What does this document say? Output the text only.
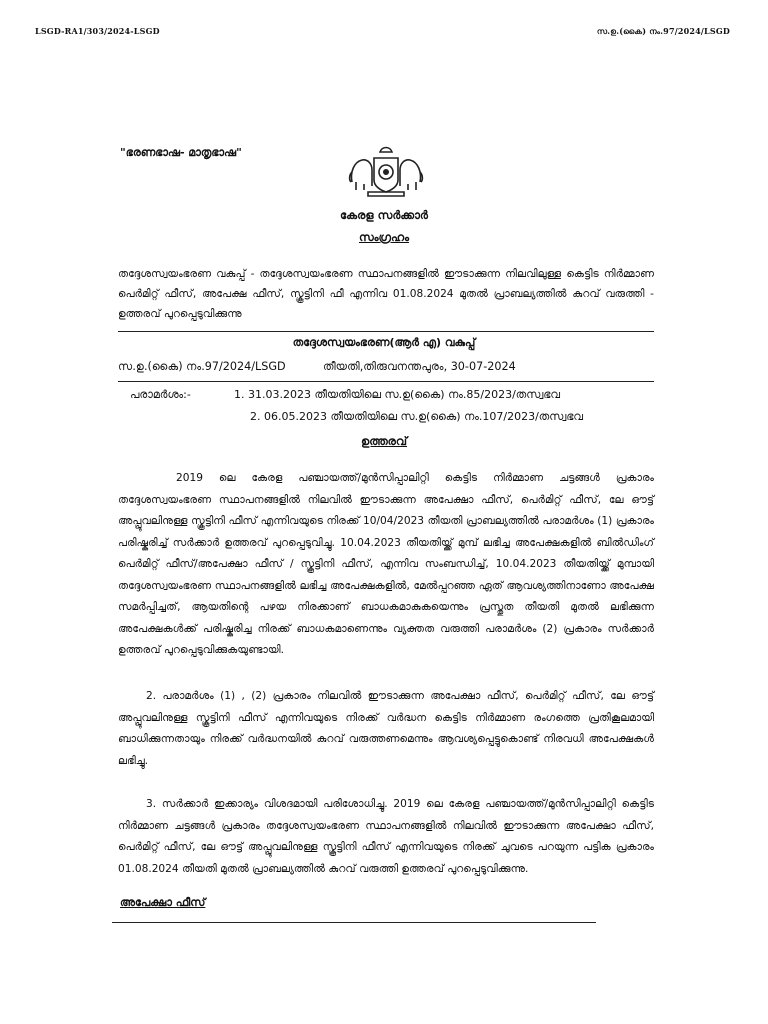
LSGD-RA1/303/2024-LSGD	സ.ഉ.(കൈ) നം.97/2024/LSGD
"ഭരണഭാഷ- മാതൃഭാഷ"
കേരള സർക്കാർ
സംഗ്രഹം
തദ്ദേശസ്വയംഭരണ വകുപ്പ് - തദ്ദേശസ്വയംഭരണ സ്ഥാപനങ്ങളിൽ ഈടാക്കുന്ന നിലവിലുള്ള കെട്ടിട നിർമ്മാണ പെർമിറ്റ് ഫീസ്, അപേക്ഷ ഫീസ്, സ്കൂട്ടിനി ഫീ എന്നിവ 01.08.2024 മുതൽ പ്രാബല്യത്തിൽ കുറവ് വരുത്തി - ഉത്തരവ് പുറപ്പെടുവിക്കുന്നു
തദ്ദേശസ്വയംഭരണ(ആർ എ) വകുപ്പ്
സ.ഉ.(കൈ) നം.97/2024/LSGD	തീയതി,തിരുവനന്തപുരം, 30-07-2024
പരാമർശം:-	1. 31.03.2023 തീയതിയിലെ സ.ഉ(കൈ) നം.85/2023/തസ്വഭവ
2. 06.05.2023 തീയതിയിലെ സ.ഉ(കൈ) നം.107/2023/തസ്വഭവ
ഉത്തരവ്
2019 ലെ കേരള പഞ്ചായത്ത്/മുൻസിപ്പാലിറ്റി കെട്ടിട നിർമ്മാണ ചട്ടങ്ങൾ പ്രകാരം തദ്ദേശസ്വയംഭരണ സ്ഥാപനങ്ങളിൽ നിലവിൽ ഈടാക്കുന്ന അപേക്ഷാ ഫീസ്, പെർമിറ്റ് ഫീസ്, ലേ ഔട്ട് അപ്പ്രൂവലിനുള്ള സ്കൂട്ടിനി ഫീസ് എന്നിവയുടെ നിരക്ക് 10/04/2023 തീയതി പ്രാബല്യത്തിൽ പരാമർശം (1) പ്രകാരം പരിഷ്കരിച്ച് സർക്കാർ ഉത്തരവ് പുറപ്പെടുവിച്ചു. 10.04.2023 തീയതിയ്ക്ക് മുമ്പ് ലഭിച്ച അപേക്ഷകളിൽ ബിൽഡിംഗ് പെർമിറ്റ് ഫീസ്/അപേക്ഷാ ഫീസ് / സ്കൂട്ടിനി ഫീസ്, എന്നിവ സംബന്ധിച്ച്, 10.04.2023 തീയതിയ്ക്ക് മുമ്പായി തദ്ദേശസ്വയംഭരണ സ്ഥാപനങ്ങളിൽ ലഭിച്ച അപേക്ഷകളിൽ, മേൽപ്പറഞ്ഞ ഏത് ആവശ്യത്തിനാണോ അപേക്ഷ സമർപ്പിച്ചത്, ആയതിന്റെ പഴയ നിരക്കാണ് ബാധകമാകുകയെന്നും പ്രസ്തുത തീയതി മുതൽ ലഭിക്കുന്ന അപേക്ഷകൾക്ക് പരിഷ്കരിച്ച നിരക്ക് ബാധകമാണെന്നും വ്യക്തത വരുത്തി പരാമർശം (2) പ്രകാരം സർക്കാർ ഉത്തരവ് പുറപ്പെടുവിക്കുകയുണ്ടായി.
2. പരാമർശം (1) , (2) പ്രകാരം നിലവിൽ ഈടാക്കുന്ന അപേക്ഷാ ഫീസ്, പെർമിറ്റ് ഫീസ്, ലേ ഔട്ട് അപ്പ്രൂവലിനുള്ള സ്കൂട്ടിനി ഫീസ് എന്നിവയുടെ നിരക്ക് വർദ്ധന കെട്ടിട നിർമ്മാണ രംഗത്തെ പ്രതികൂലമായി ബാധിക്കുന്നതായും നിരക്ക് വർദ്ധനയിൽ കുറവ് വരുത്തണമെന്നും ആവശ്യപ്പെട്ടുകൊണ്ട് നിരവധി അപേക്ഷകൾ ലഭിച്ചു.
3. സർക്കാർ ഇക്കാര്യം വിശദമായി പരിശോധിച്ചു. 2019 ലെ കേരള പഞ്ചായത്ത്/മുൻസിപ്പാലിറ്റി കെട്ടിട നിർമ്മാണ ചട്ടങ്ങൾ പ്രകാരം തദ്ദേശസ്വയംഭരണ സ്ഥാപനങ്ങളിൽ നിലവിൽ ഈടാക്കുന്ന അപേക്ഷാ ഫീസ്, പെർമിറ്റ് ഫീസ്, ലേ ഔട്ട് അപ്പ്രൂവലിനുള്ള സ്കൂട്ടിനി ഫീസ് എന്നിവയുടെ നിരക്ക് ചുവടെ പറയുന്ന പട്ടിക പ്രകാരം 01.08.2024 തീയതി മുതൽ പ്രാബല്യത്തിൽ കുറവ് വരുത്തി ഉത്തരവ് പുറപ്പെടുവിക്കുന്നു.
അപേക്ഷാ ഫീസ്
